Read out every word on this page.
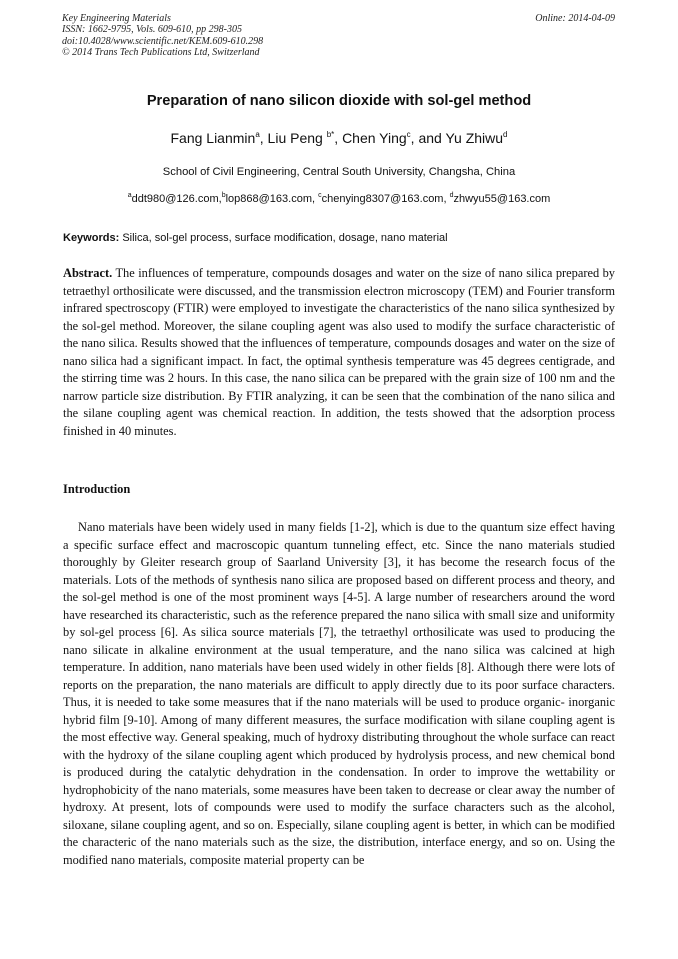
Key Engineering Materials
ISSN: 1662-9795, Vols. 609-610, pp 298-305
doi:10.4028/www.scientific.net/KEM.609-610.298
© 2014 Trans Tech Publications Ltd, Switzerland
Online: 2014-04-09
Preparation of nano silicon dioxide with sol-gel method
Fang Lianmin$^a$, Liu Peng $^{b*}$, Chen Ying$^c$, and Yu Zhiwu$^d$
School of Civil Engineering, Central South University, Changsha, China
$^a$ddt980@126.com,$^b$lop868@163.com, $^c$chenying8307@163.com, $^d$zhwyu55@163.com
Keywords: Silica, sol-gel process, surface modification, dosage, nano material
Abstract. The influences of temperature, compounds dosages and water on the size of nano silica prepared by tetraethyl orthosilicate were discussed, and the transmission electron microscopy (TEM) and Fourier transform infrared spectroscopy (FTIR) were employed to investigate the characteristics of the nano silica synthesized by the sol-gel method. Moreover, the silane coupling agent was also used to modify the surface characteristic of the nano silica. Results showed that the influences of temperature, compounds dosages and water on the size of nano silica had a significant impact. In fact, the optimal synthesis temperature was 45 degrees centigrade, and the stirring time was 2 hours. In this case, the nano silica can be prepared with the grain size of 100 nm and the narrow particle size distribution. By FTIR analyzing, it can be seen that the combination of the nano silica and the silane coupling agent was chemical reaction. In addition, the tests showed that the adsorption process finished in 40 minutes.
Introduction
Nano materials have been widely used in many fields [1-2], which is due to the quantum size effect having a specific surface effect and macroscopic quantum tunneling effect, etc. Since the nano materials studied thoroughly by Gleiter research group of Saarland University [3], it has become the research focus of the materials. Lots of the methods of synthesis nano silica are proposed based on different process and theory, and the sol-gel method is one of the most prominent ways [4-5]. A large number of researchers around the word have researched its characteristic, such as the reference prepared the nano silica with small size and uniformity by sol-gel process [6]. As silica source materials [7], the tetraethyl orthosilicate was used to producing the nano silicate in alkaline environment at the usual temperature, and the nano silica was calcined at high temperature. In addition, nano materials have been used widely in other fields [8]. Although there were lots of reports on the preparation, the nano materials are difficult to apply directly due to its poor surface characters. Thus, it is needed to take some measures that if the nano materials will be used to produce organic- inorganic hybrid film [9-10]. Among of many different measures, the surface modification with silane coupling agent is the most effective way. General speaking, much of hydroxy distributing throughout the whole surface can react with the hydroxy of the silane coupling agent which produced by hydrolysis process, and new chemical bond is produced during the catalytic dehydration in the condensation. In order to improve the wettability or hydrophobicity of the nano materials, some measures have been taken to decrease or clear away the number of hydroxy. At present, lots of compounds were used to modify the surface characters such as the alcohol, siloxane, silane coupling agent, and so on. Especially, silane coupling agent is better, in which can be modified the characteric of the nano materials such as the size, the distribution, interface energy, and so on. Using the modified nano materials, composite material property can be
